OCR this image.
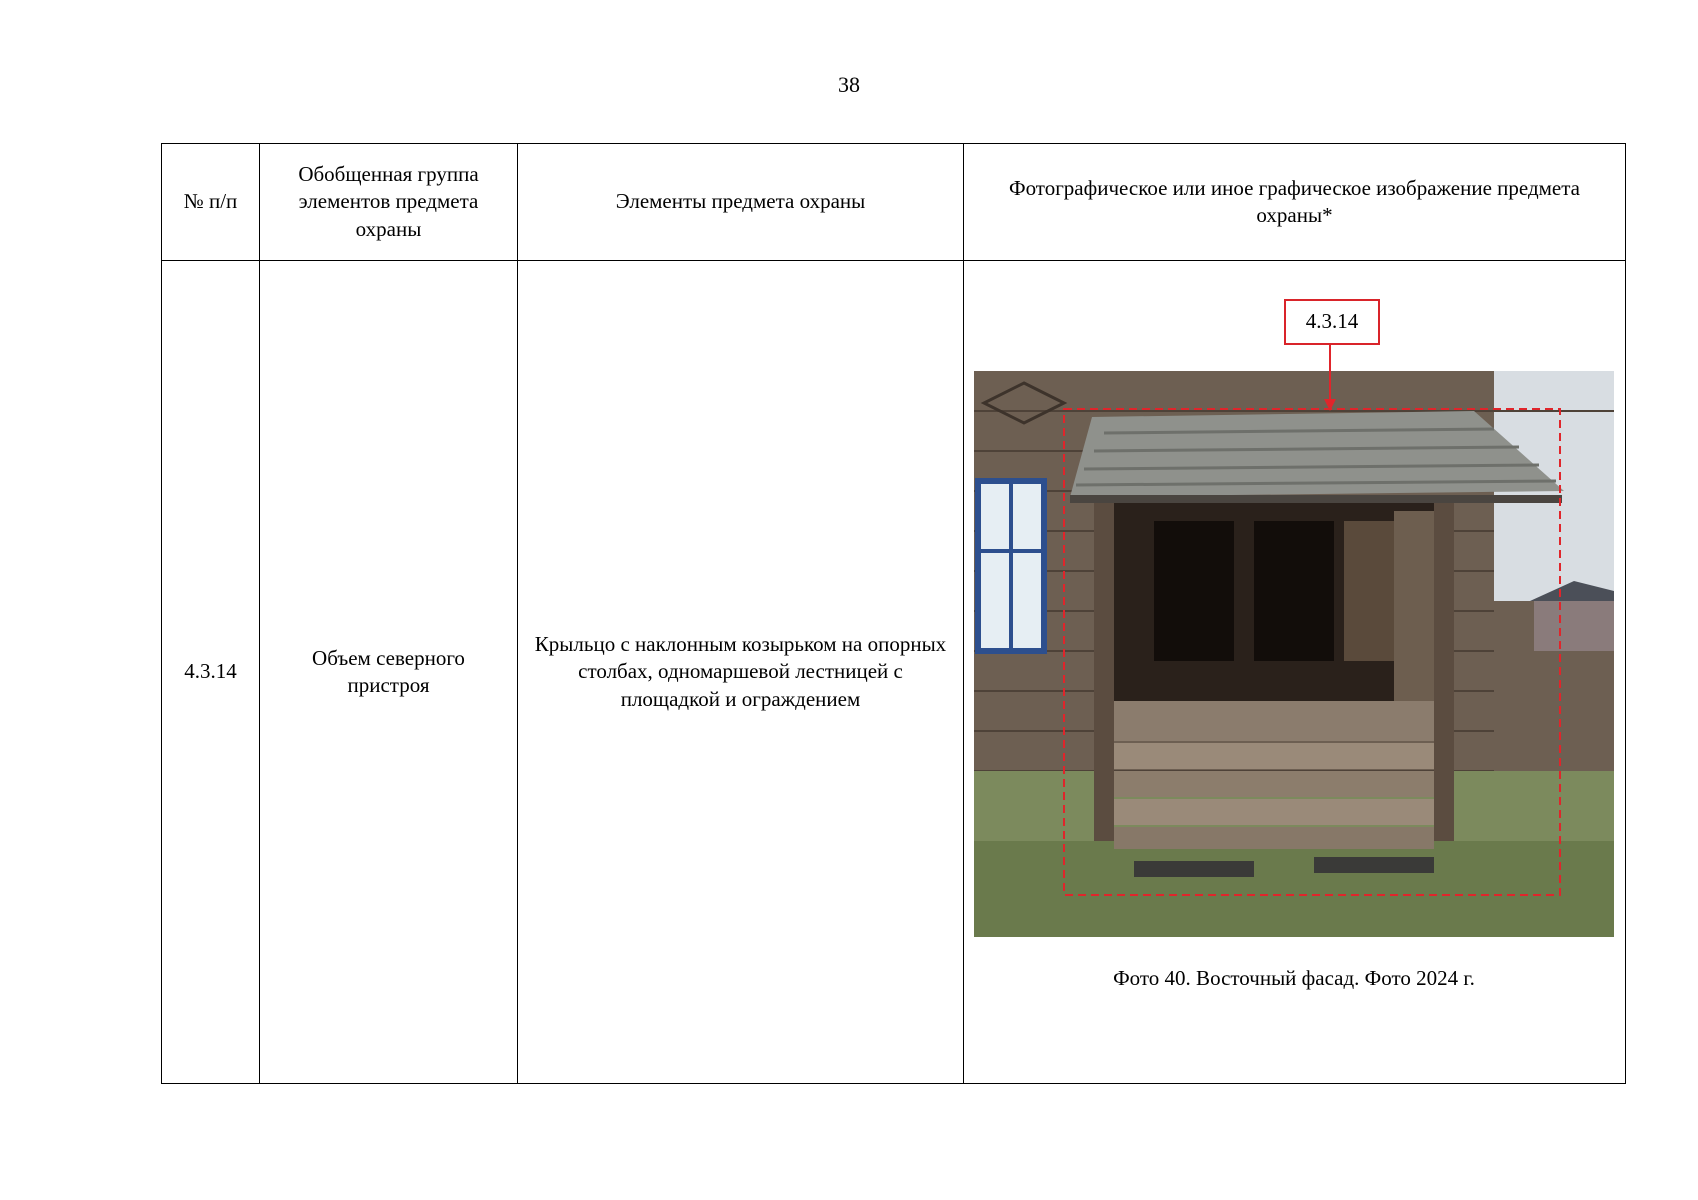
38
№ п/п	Обобщенная группа элементов предмета охраны	Элементы предмета охраны	Фотографическое или иное графическое изображение предмета охраны*
4.3.14	Объем северного пристроя	Крыльцо с наклонным козырьком на опорных столбах, одномаршевой лестницей с площадкой и ограждением	4.3.14
Фото 40. Восточный фасад. Фото 2024 г.
